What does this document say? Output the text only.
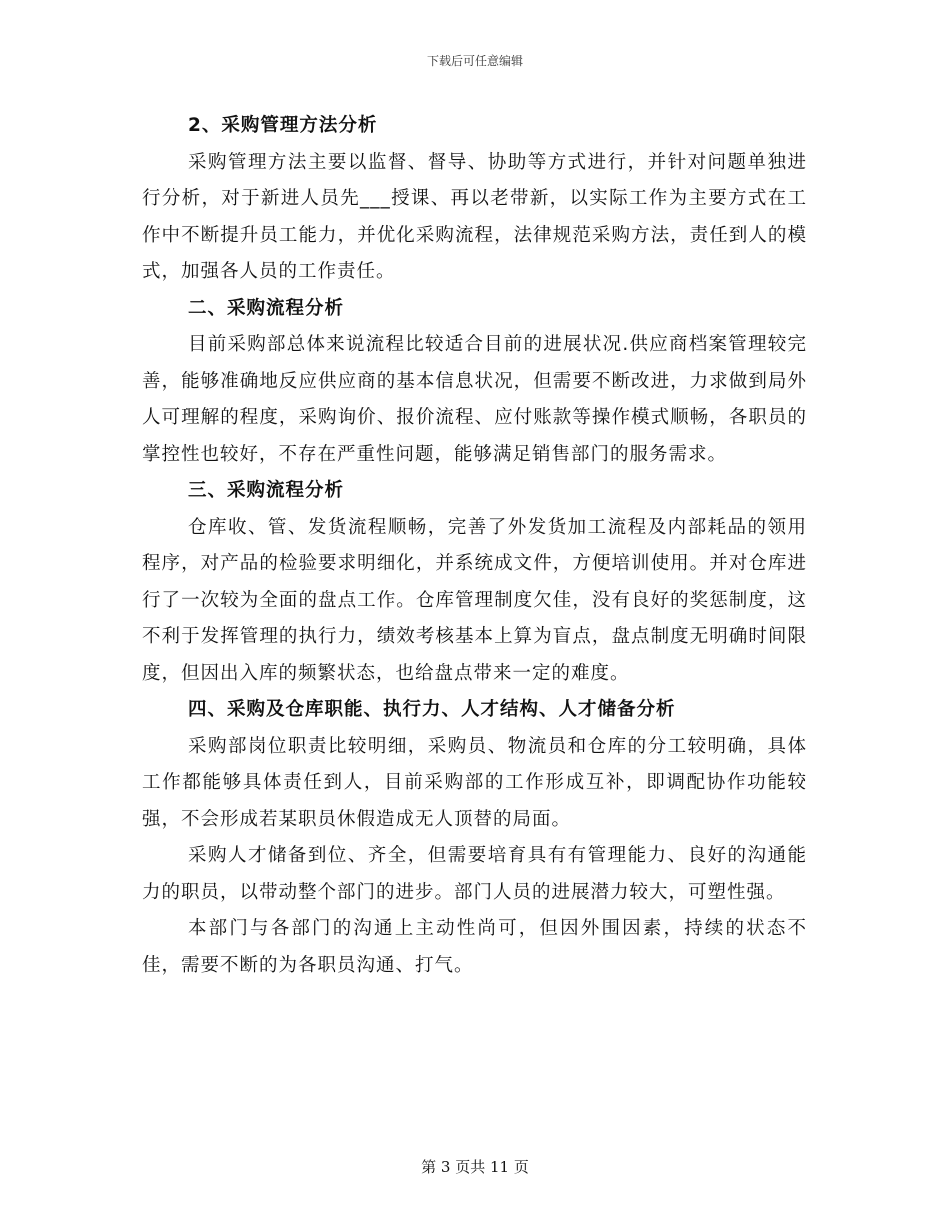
下载后可任意编辑
2、采购管理方法分析

采购管理方法主要以监督、督导、协助等方式进行，并针对问题单独进行分析，对于新进人员先___授课、再以老带新，以实际工作为主要方式在工作中不断提升员工能力，并优化采购流程，法律规范采购方法，责任到人的模式，加强各人员的工作责任。

二、采购流程分析

目前采购部总体来说流程比较适合目前的进展状况.供应商档案管理较完善，能够准确地反应供应商的基本信息状况，但需要不断改进，力求做到局外人可理解的程度，采购询价、报价流程、应付账款等操作模式顺畅，各职员的掌控性也较好，不存在严重性问题，能够满足销售部门的服务需求。

三、采购流程分析

仓库收、管、发货流程顺畅，完善了外发货加工流程及内部耗品的领用程序，对产品的检验要求明细化，并系统成文件，方便培训使用。并对仓库进行了一次较为全面的盘点工作。仓库管理制度欠佳，没有良好的奖惩制度，这不利于发挥管理的执行力，绩效考核基本上算为盲点，盘点制度无明确时间限度，但因出入库的频繁状态，也给盘点带来一定的难度。

四、采购及仓库职能、执行力、人才结构、人才储备分析

采购部岗位职责比较明细，采购员、物流员和仓库的分工较明确，具体工作都能够具体责任到人，目前采购部的工作形成互补，即调配协作功能较强，不会形成若某职员休假造成无人顶替的局面。

采购人才储备到位、齐全，但需要培育具有有管理能力、良好的沟通能力的职员，以带动整个部门的进步。部门人员的进展潜力较大，可塑性强。

本部门与各部门的沟通上主动性尚可，但因外围因素，持续的状态不佳，需要不断的为各职员沟通、打气。

第 3 页共 11 页
